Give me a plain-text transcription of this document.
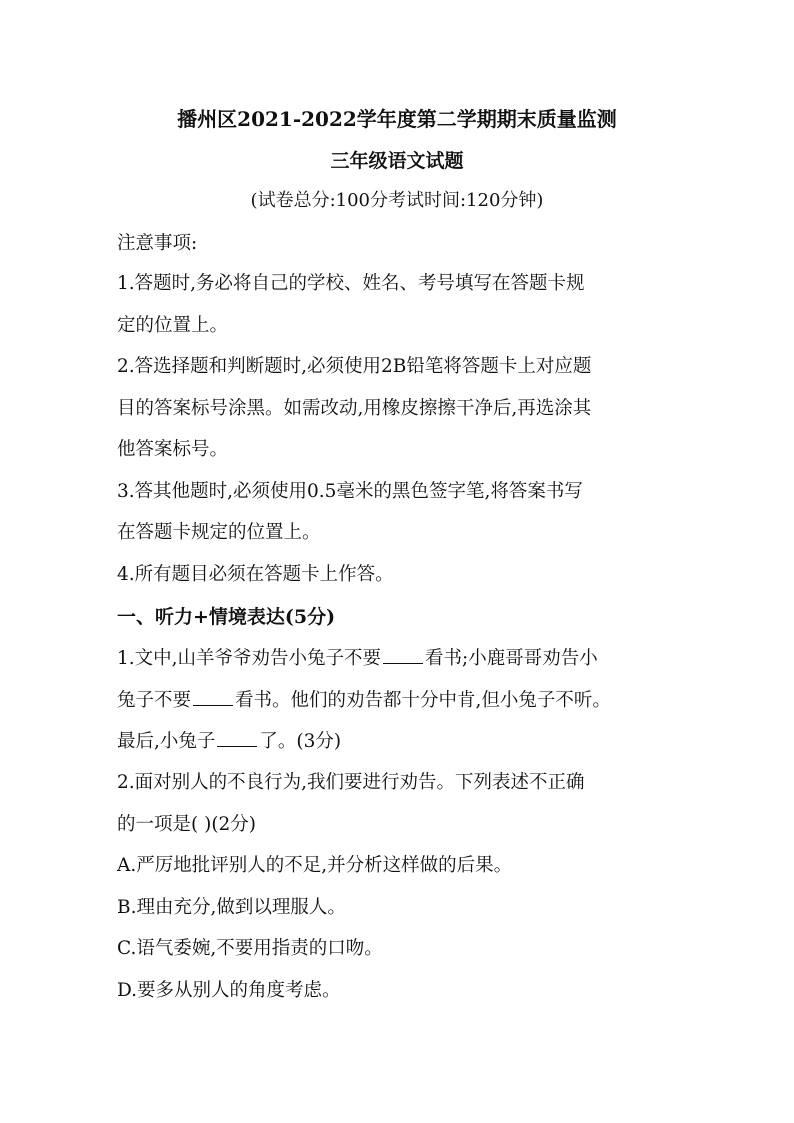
播州区2021-2022学年度第二学期期末质量监测
三年级语文试题
(试卷总分:100分考试时间:120分钟)
注意事项:
1.答题时,务必将自己的学校、姓名、考号填写在答题卡规
定的位置上。
2.答选择题和判断题时,必须使用2B铅笔将答题卡上对应题
目的答案标号涂黑。如需改动,用橡皮擦擦干净后,再选涂其
他答案标号。
3.答其他题时,必须使用0.5毫米的黑色签字笔,将答案书写
在答题卡规定的位置上。
4.所有题目必须在答题卡上作答。
一、听力+情境表达(5分)
1.文中,山羊爷爷劝告小兔子不要 看书;小鹿哥哥劝告小
兔子不要 看书。他们的劝告都十分中肯,但小兔子不听。
最后,小兔子 了。(3分)
2.面对别人的不良行为,我们要进行劝告。下列表述不正确
的一项是( )(2分)
A.严厉地批评别人的不足,并分析这样做的后果。
B.理由充分,做到以理服人。
C.语气委婉,不要用指责的口吻。
D.要多从别人的角度考虑。
